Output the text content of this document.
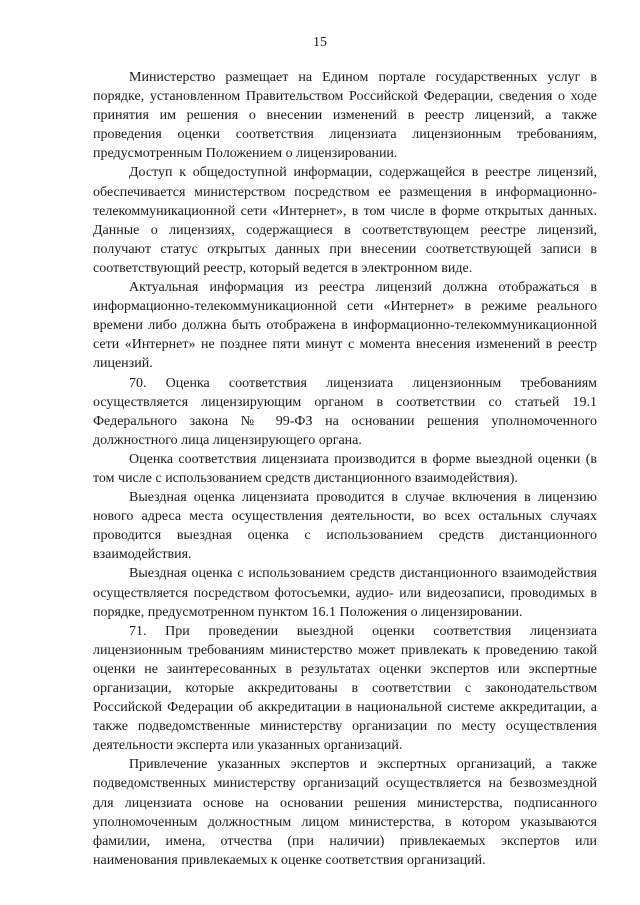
15

Министерство размещает на Едином портале государственных услуг в порядке, установленном Правительством Российской Федерации, сведения о ходе принятия им решения о внесении изменений в реестр лицензий, а также проведения оценки соответствия лицензиата лицензионным требованиям, предусмотренным Положением о лицензировании.

Доступ к общедоступной информации, содержащейся в реестре лицензий, обеспечивается министерством посредством ее размещения в информационно-телекоммуникационной сети «Интернет», в том числе в форме открытых данных. Данные о лицензиях, содержащиеся в соответствующем реестре лицензий, получают статус открытых данных при внесении соответствующей записи в соответствующий реестр, который ведется в электронном виде.

Актуальная информация из реестра лицензий должна отображаться в информационно-телекоммуникационной сети «Интернет» в режиме реального времени либо должна быть отображена в информационно-телекоммуникационной сети «Интернет» не позднее пяти минут с момента внесения изменений в реестр лицензий.

70. Оценка соответствия лицензиата лицензионным требованиям осуществляется лицензирующим органом в соответствии со статьей 19.1 Федерального закона № 99-ФЗ на основании решения уполномоченного должностного лица лицензирующего органа.

Оценка соответствия лицензиата производится в форме выездной оценки (в том числе с использованием средств дистанционного взаимодействия).

Выездная оценка лицензиата проводится в случае включения в лицензию нового адреса места осуществления деятельности, во всех остальных случаях проводится выездная оценка с использованием средств дистанционного взаимодействия.

Выездная оценка с использованием средств дистанционного взаимодействия осуществляется посредством фотосъемки, аудио- или видеозаписи, проводимых в порядке, предусмотренном пунктом 16.1 Положения о лицензировании.

71. При проведении выездной оценки соответствия лицензиата лицензионным требованиям министерство может привлекать к проведению такой оценки не заинтересованных в результатах оценки экспертов или экспертные организации, которые аккредитованы в соответствии с законодательством Российской Федерации об аккредитации в национальной системе аккредитации, а также подведомственные министерству организации по месту осуществления деятельности эксперта или указанных организаций.

Привлечение указанных экспертов и экспертных организаций, а также подведомственных министерству организаций осуществляется на безвозмездной для лицензиата основе на основании решения министерства, подписанного уполномоченным должностным лицом министерства, в котором указываются фамилии, имена, отчества (при наличии) привлекаемых экспертов или наименования привлекаемых к оценке соответствия организаций.
